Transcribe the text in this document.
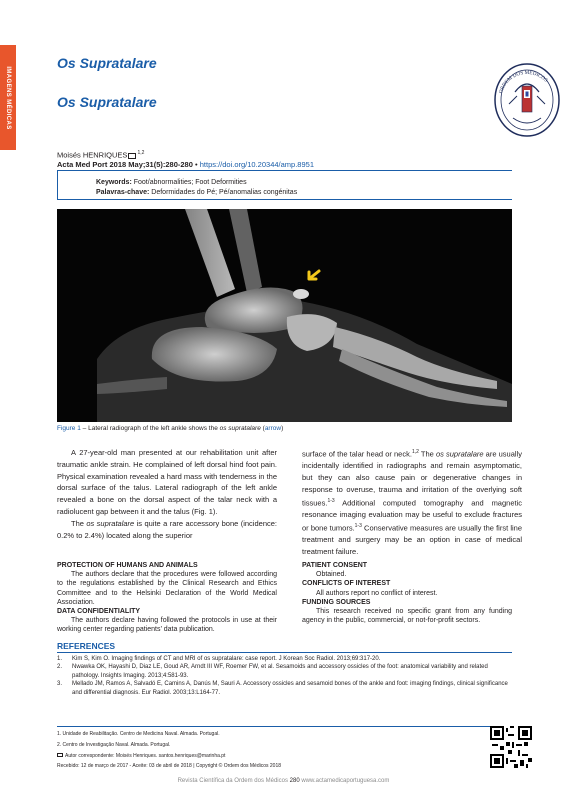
IMAGENS MÉDICAS
Os Supratalare
Os Supratalare
ORDEM DOS MÉDICOS
Moisés HENRIQUES $^{1,2}$
Acta Med Port 2018 May;31(5):280-280 • https://doi.org/10.20344/amp.8951
Keywords: Foot/abnormalities; Foot Deformities
Palavras-chave: Deformidades do Pé; Pé/anomalias congénitas
Figure 1 – Lateral radiograph of the left ankle shows the os supratalare (arrow)

A 27-year-old man presented at our rehabilitation unit after traumatic ankle strain. He complained of left dorsal hind foot pain. Physical examination revealed a hard mass with tenderness in the dorsal surface of the talus. Lateral radiograph of the left ankle revealed a bone on the dorsal aspect of the talar neck with a radiolucent gap between it and the talus (Fig. 1).

The os supratalare is quite a rare accessory bone (incidence: 0.2% to 2.4%) located along the superior

surface of the talar head or neck.$^{1,2}$ The os supratalare are usually incidentally identified in radiographs and remain asymptomatic, but they can also cause pain or degenerative changes in response to overuse, trauma and irritation of the overlying soft tissues.$^{1-3}$ Additional computed tomography and magnetic resonance imaging evaluation may be useful to exclude fractures or bone tumors.$^{1-3}$ Conservative measures are usually the first line treatment and surgery may be an option in case of medical treatment failure.

PROTECTION OF HUMANS AND ANIMALS

The authors declare that the procedures were followed according to the regulations established by the Clinical Research and Ethics Committee and to the Helsinki Declaration of the World Medical Association.

DATA CONFIDENTIALITY

The authors declare having followed the protocols in use at their working center regarding patients’ data publication.

PATIENT CONSENT

Obtained.

CONFLICTS OF INTEREST

All authors report no conflict of interest.

FUNDING SOURCES

This research received no specific grant from any funding agency in the public, commercial, or not-for-profit sectors.

REFERENCES
1.	Kim S, Kim O. Imaging findings of CT and MRI of os supratalare: case report. J Korean Soc Radiol. 2013;69:317-20.
2.	Nwawka OK, Hayashi D, Diaz LE, Goud AR, Arndt III WF, Roemer FW, et al. Sesamoids and accessory ossicles of the foot: anatomical variability and related pathology. Insights Imaging. 2013;4:581-93.
3.	Mellado JM, Ramos A, Salvadó E, Camins A, Danús M, Sauri A. Accessory ossicles and sesamoid bones of the ankle and foot: imaging findings, clinical significance and differential diagnosis. Eur Radiol. 2003;13:L164-77.
1. Unidade de Reabilitação. Centro de Medicina Naval. Almada. Portugal.
2. Centro de Investigação Naval. Almada. Portugal.
Autor correspondente: Moisés Henriques. santos.henriques@marinha.pt
Recebido: 12 de março de 2017 - Aceite: 03 de abril de 2018 | Copyright © Ordem dos Médicos 2018
Revista Científica da Ordem dos Médicos 280 www.actamedicaportuguesa.com
